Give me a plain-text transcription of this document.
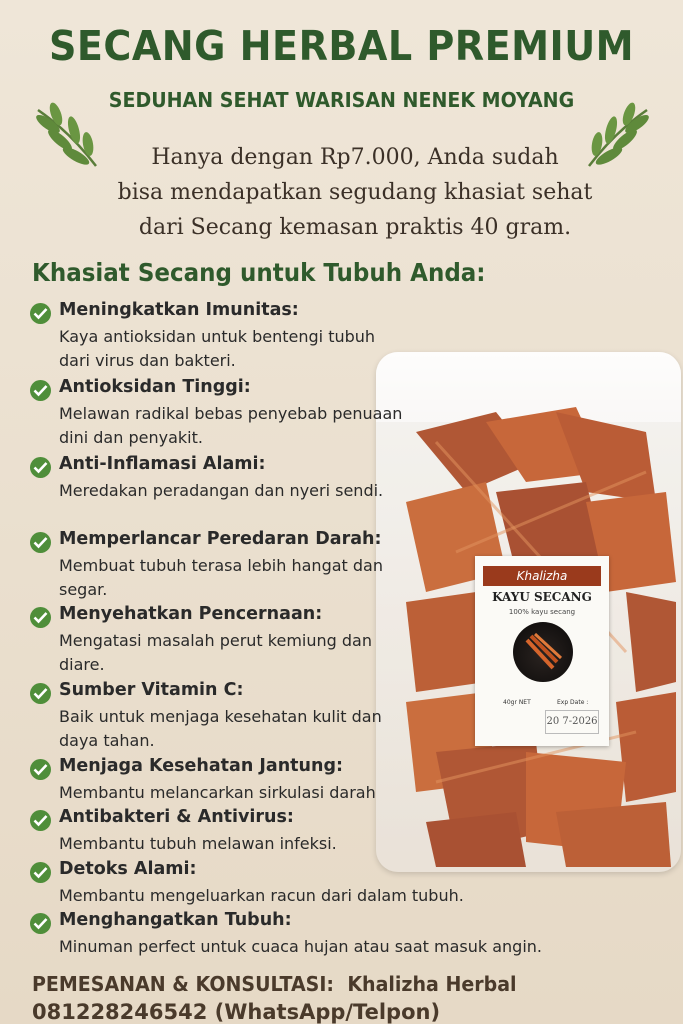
SECANG HERBAL PREMIUM
SEDUHAN SEHAT WARISAN NENEK MOYANG
Hanya dengan Rp7.000, Anda sudah
bisa mendapatkan segudang khasiat sehat
dari Secang kemasan praktis 40 gram.
Khasiat Secang untuk Tubuh Anda:
Khalizha
KAYU SECANG
100% kayu secang
40gr NET	Exp Date :
20 7-2026
Meningkatkan Imunitas:
Kaya antioksidan untuk bentengi tubuh dari virus dan bakteri.
Antioksidan Tinggi:
Melawan radikal bebas penyebab penuaan dini dan penyakit.
Anti-Inflamasi Alami:
Meredakan peradangan dan nyeri sendi.
Memperlancar Peredaran Darah:
Membuat tubuh terasa lebih hangat dan segar.
Menyehatkan Pencernaan:
Mengatasi masalah perut kemiung dan diare.
Sumber Vitamin C:
Baik untuk menjaga kesehatan kulit dan daya tahan.
Menjaga Kesehatan Jantung:
Membantu melancarkan sirkulasi darah
Antibakteri & Antivirus:
Membantu tubuh melawan infeksi.
Detoks Alami:
Membantu mengeluarkan racun dari dalam tubuh.
Menghangatkan Tubuh:
Minuman perfect untuk cuaca hujan atau saat masuk angin.
PEMESANAN & KONSULTASI: Khalizha Herbal
081228246542 (WhatsApp/Telpon)
